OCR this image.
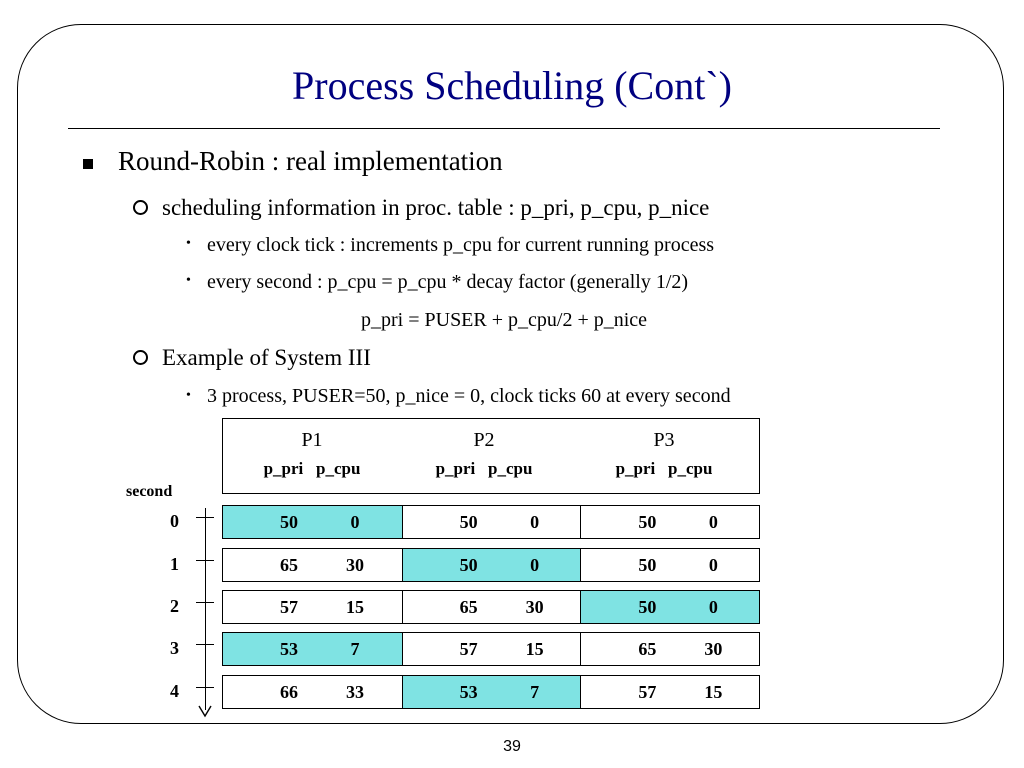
Process Scheduling (Cont`)
Round-Robin : real implementation
scheduling information in proc. table : p_pri, p_cpu, p_nice
• every clock tick : increments p_cpu for current running process
• every second : p_cpu = p_cpu * decay factor (generally 1/2)
p_pri = PUSER + p_cpu/2 + p_nice
Example of System III
• 3 process, PUSER=50, p_nice = 0, clock ticks 60 at every second
P1	P2	P3
p_pri p_cpu	p_pri p_cpu	p_pri p_cpu
second
0	50	0	50	0	50	0
1	65	30	50	0	50	0
2	57	15	65	30	50	0
3	53	7	57	15	65	30
4	66	33	53	7	57	15
39
